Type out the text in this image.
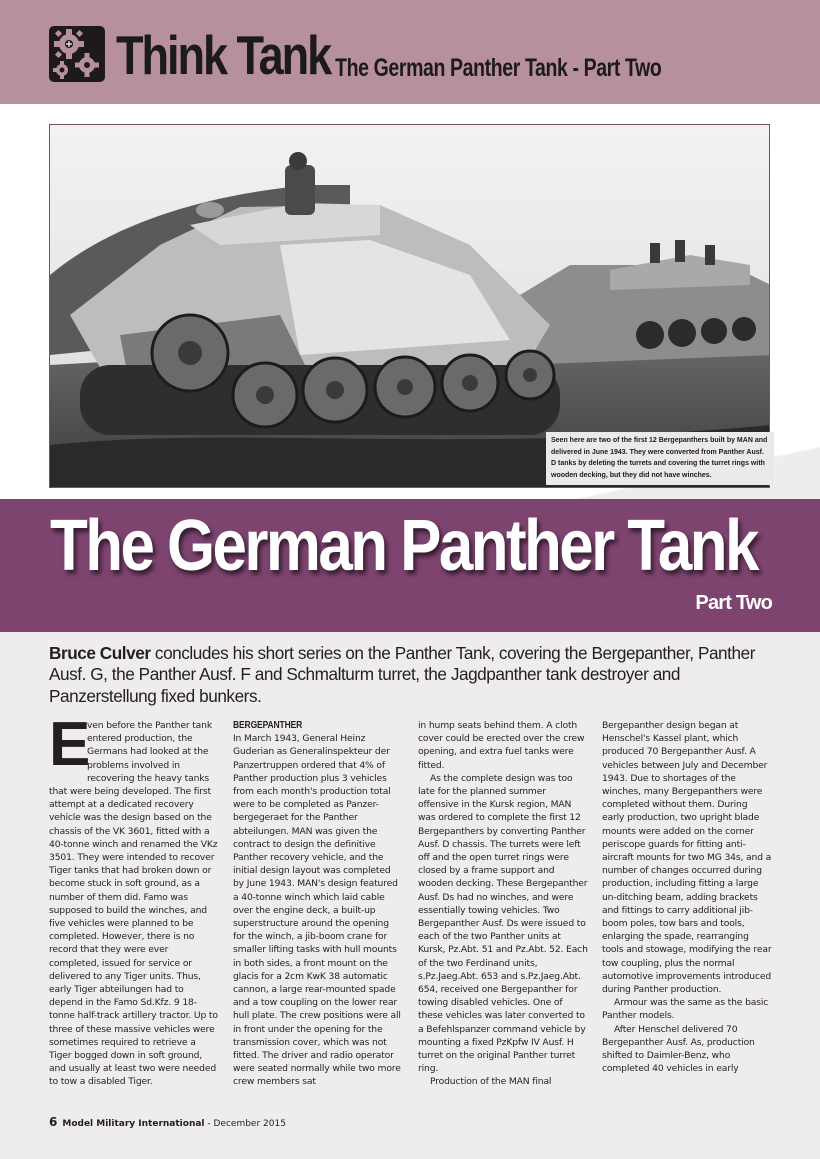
Think Tank
- The German Panther Tank - Part Two
Seen here are two of the first 12 Bergepanthers built by MAN and delivered in June 1943. They were converted from Panther Ausf. D tanks by deleting the turrets and covering the turret rings with wooden decking, but they did not have winches.
The German Panther Tank
Part Two
Bruce Culver concludes his short series on the Panther Tank, covering the Bergepanther, Panther Ausf. G, the Panther Ausf. F and Schmalturm turret, the Jagdpanther tank destroyer and Panzerstellung fixed bunkers.
E

ven before the Panther tank entered production, the Germans had looked at the problems involved in recovering the heavy tanks that were being developed. The first attempt at a dedicated recovery vehicle was the design based on the chassis of the VK 3601, fitted with a 40-tonne winch and renamed the VKz 3501. They were intended to recover Tiger tanks that had broken down or become stuck in soft ground, as a number of them did. Famo was supposed to build the winches, and five vehicles were planned to be completed. However, there is no record that they were ever completed, issued for service or delivered to any Tiger units. Thus, early Tiger abteilungen had to depend in the Famo Sd.Kfz. 9 18-tonne half-track artillery tractor. Up to three of these massive vehicles were sometimes required to retrieve a Tiger bogged down in soft ground, and usually at least two were needed to tow a disabled Tiger.

BERGEPANTHER

In March 1943, General Heinz Guderian as Generalinspekteur der Panzertruppen ordered that 4% of Panther production plus 3 vehicles from each month's production total were to be completed as Panzer-bergegeraet for the Panther abteilungen. MAN was given the contract to design the definitive Panther recovery vehicle, and the initial design layout was completed by June 1943. MAN's design featured a 40-tonne winch which laid cable over the engine deck, a built-up superstructure around the opening for the winch, a jib-boom crane for smaller lifting tasks with hull mounts in both sides, a front mount on the glacis for a 2cm KwK 38 automatic cannon, a large rear-mounted spade and a tow coupling on the lower rear hull plate. The crew positions were all in front under the opening for the transmission cover, which was not fitted. The driver and radio operator were seated normally while two more crew members sat

in hump seats behind them. A cloth cover could be erected over the crew opening, and extra fuel tanks were fitted.

As the complete design was too late for the planned summer offensive in the Kursk region, MAN was ordered to complete the first 12 Bergepanthers by converting Panther Ausf. D chassis. The turrets were left off and the open turret rings were closed by a frame support and wooden decking. These Bergepanther Ausf. Ds had no winches, and were essentially towing vehicles. Two Bergepanther Ausf. Ds were issued to each of the two Panther units at Kursk, Pz.Abt. 51 and Pz.Abt. 52. Each of the two Ferdinand units, s.Pz.Jaeg.Abt. 653 and s.Pz.Jaeg.Abt. 654, received one Bergepanther for towing disabled vehicles. One of these vehicles was later converted to a Befehlspanzer command vehicle by mounting a fixed PzKpfw IV Ausf. H turret on the original Panther turret ring.

Production of the MAN final

Bergepanther design began at Henschel's Kassel plant, which produced 70 Bergepanther Ausf. A vehicles between July and December 1943. Due to shortages of the winches, many Bergepanthers were completed without them. During early production, two upright blade mounts were added on the corner periscope guards for fitting anti-aircraft mounts for two MG 34s, and a number of changes occurred during production, including fitting a large un-ditching beam, adding brackets and fittings to carry additional jib-boom poles, tow bars and tools, enlarging the spade, rearranging tools and stowage, modifying the rear tow coupling, plus the normal automotive improvements introduced during Panther production.

Armour was the same as the basic Panther models.

After Henschel delivered 70 Bergepanther Ausf. As, production shifted to Daimler-Benz, who completed 40 vehicles in early

6 Model Military International - December 2015
